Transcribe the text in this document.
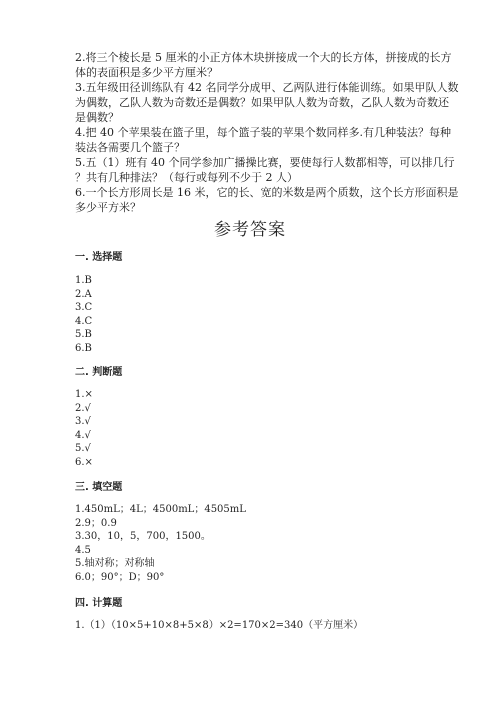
2.将三个棱长是 5 厘米的小正方体木块拼接成一个大的长方体，拼接成的长方
体的表面积是多少平方厘米？
3.五年级田径训练队有 42 名同学分成甲、乙两队进行体能训练。如果甲队人数
为偶数，乙队人数为奇数还是偶数？如果甲队人数为奇数，乙队人数为奇数还
是偶数？
4.把 40 个苹果装在篮子里，每个篮子装的苹果个数同样多.有几种装法？每种
装法各需要几个篮子？
5.五（1）班有 40 个同学参加广播操比赛，要使每行人数都相等，可以排几行
？共有几种排法？（每行或每列不少于 2 人）
6.一个长方形周长是 16 米，它的长、宽的米数是两个质数，这个长方形面积是
多少平方米？
参考答案
一. 选择题
1.B
2.A
3.C
4.C
5.B
6.B
二. 判断题
1.×
2.√
3.√
4.√
5.√
6.×
三. 填空题
1.450mL；4L；4500mL；4505mL
2.9；0.9
3.30，10，5，700，1500。
4.5
5.轴对称；对称轴
6.0；90°；D；90°
四. 计算题
1.（1）（10×5+10×8+5×8）×2=170×2=340（平方厘米）
